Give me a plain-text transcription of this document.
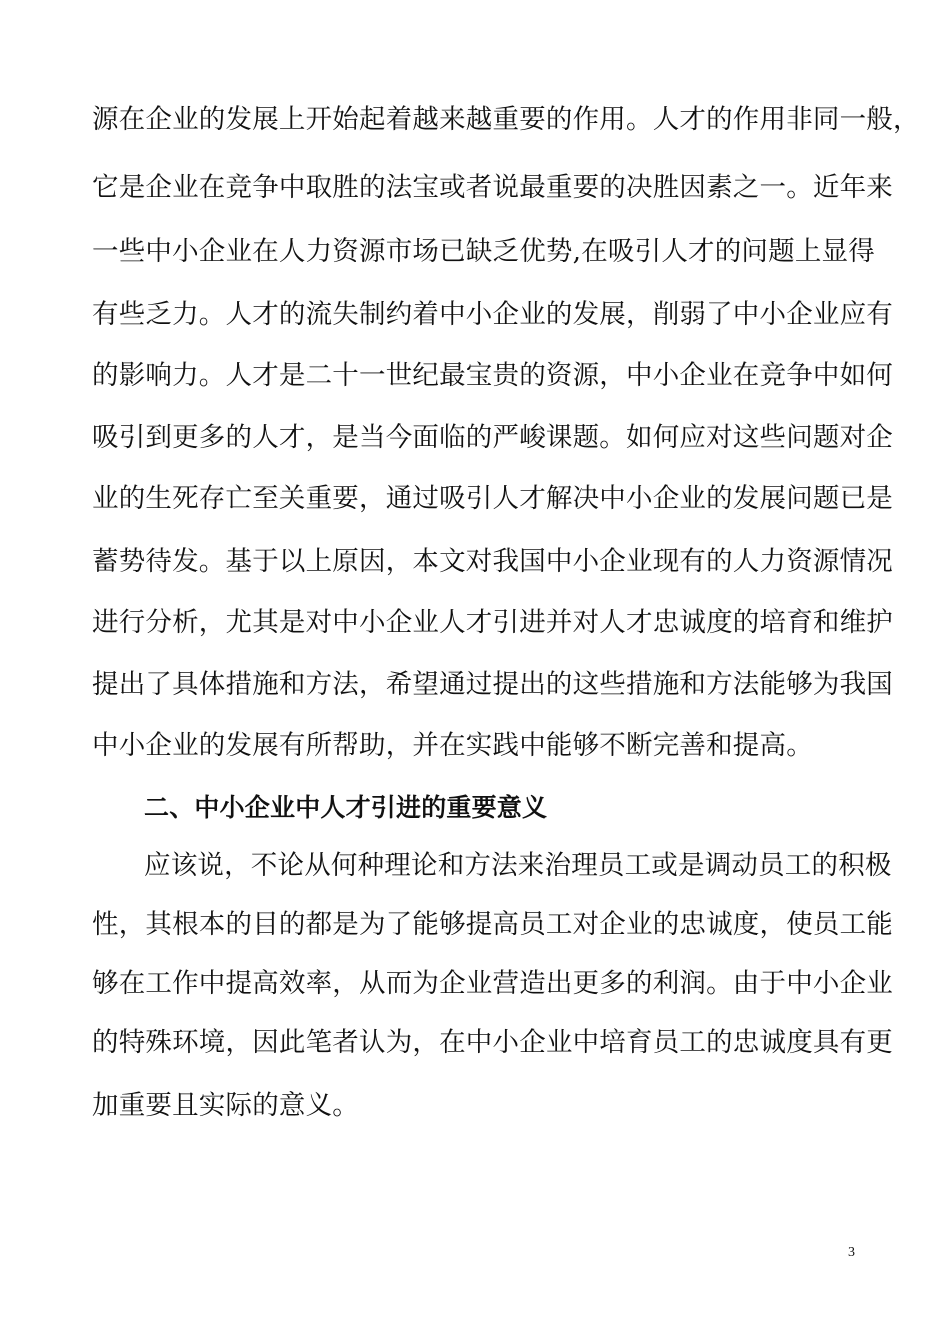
源在企业的发展上开始起着越来越重要的作用。人才的作用非同一般，
它是企业在竞争中取胜的法宝或者说最重要的决胜因素之一。近年来
一些中小企业在人力资源市场已缺乏优势,在吸引人才的问题上显得
有些乏力。人才的流失制约着中小企业的发展，削弱了中小企业应有
的影响力。人才是二十一世纪最宝贵的资源，中小企业在竞争中如何
吸引到更多的人才，是当今面临的严峻课题。如何应对这些问题对企
业的生死存亡至关重要，通过吸引人才解决中小企业的发展问题已是
蓄势待发。基于以上原因，本文对我国中小企业现有的人力资源情况
进行分析，尤其是对中小企业人才引进并对人才忠诚度的培育和维护
提出了具体措施和方法，希望通过提出的这些措施和方法能够为我国
中小企业的发展有所帮助，并在实践中能够不断完善和提高。
二、中小企业中人才引进的重要意义
应该说，不论从何种理论和方法来治理员工或是调动员工的积极
性，其根本的目的都是为了能够提高员工对企业的忠诚度，使员工能
够在工作中提高效率，从而为企业营造出更多的利润。由于中小企业
的特殊环境，因此笔者认为，在中小企业中培育员工的忠诚度具有更
加重要且实际的意义。
3
